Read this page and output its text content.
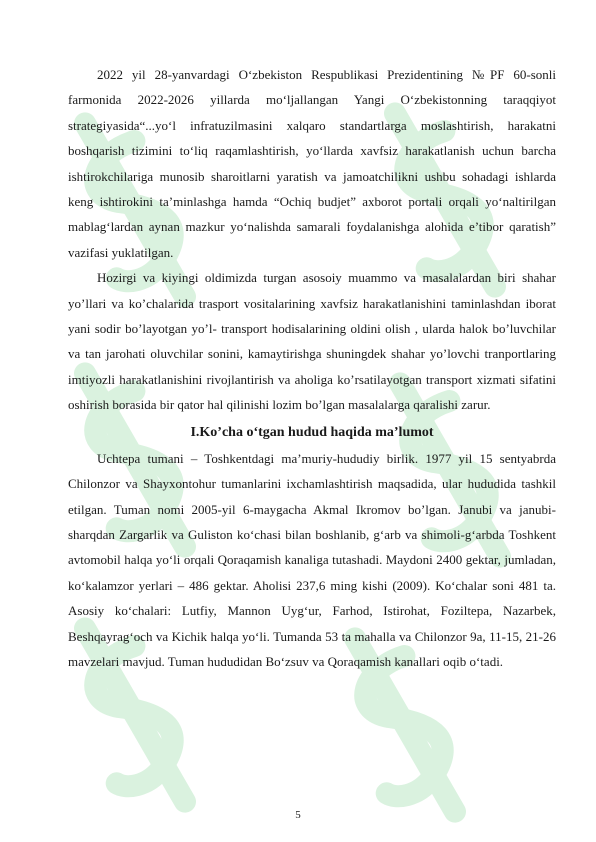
2022 yil 28-yanvardagi O‘zbekiston Respublikasi Prezidentining №PF 60-sonli farmonida 2022-2026 yillarda mo‘ljallangan Yangi O‘zbekistonning taraqqiyot strategiyasida“...yo‘l infratuzilmasini xalqaro standartlarga moslashtirish, harakatni boshqarish tizimini to‘liq raqamlashtirish, yo‘llarda xavfsiz harakatlanish uchun barcha ishtirokchilariga munosib sharoitlarni yaratish va jamoatchilikni ushbu sohadagi ishlarda keng ishtirokini ta’minlashga hamda “Ochiq budjet” axborot portali orqali yo‘naltirilgan mablag‘lardan aynan mazkur yo‘nalishda samarali foydalanishga alohida e’tibor qaratish” vazifasi yuklatilgan.

Hozirgi va kiyingi oldimizda turgan asosoiy muammo va masalalardan biri shahar yo’llari va ko’chalarida trasport vositalarining xavfsiz harakatlanishini taminlashdan iborat yani sodir bo’layotgan yo’l- transport hodisalarining oldini olish , ularda halok bo’luvchilar va tan jarohati oluvchilar sonini, kamaytirishga shuningdek shahar yo’lovchi tranportlaring imtiyozli harakatlanishini rivojlantirish va aholiga ko’rsatilayotgan transport xizmati sifatini oshirish borasida bir qator hal qilinishi lozim bo’lgan masalalarga qaralishi zarur.

I.Ko’cha o‘tgan hudud haqida ma’lumot

Uchtepa tumani – Toshkentdagi ma’muriy-hududiy birlik. 1977 yil 15 sentyabrda Chilonzor va Shayxontohur tumanlarini ixchamlashtirish maqsadida, ular hududida tashkil etilgan. Tuman nomi 2005-yil 6-maygacha Akmal Ikromov bo’lgan. Janubi va janubi-sharqdan Zargarlik va Guliston ko‘chasi bilan boshlanib, g‘arb va shimoli-g‘arbda Toshkent avtomobil halqa yo‘li orqali Qoraqamish kanaliga tutashadi. Maydoni 2400 gektar, jumladan, ko‘kalamzor yerlari – 486 gektar. Aholisi 237,6 ming kishi (2009). Ko‘chalar soni 481 ta. Asosiy ko‘chalari: Lutfiy, Mannon Uyg‘ur, Farhod, Istirohat, Foziltepa, Nazarbek, Beshqayrag‘och va Kichik halqa yo‘li. Tumanda 53 ta mahalla va Chilonzor 9a, 11-15, 21-26 mavzelari mavjud. Tuman hududidan Bo‘zsuv va Qoraqamish kanallari oqib o‘tadi.

5
